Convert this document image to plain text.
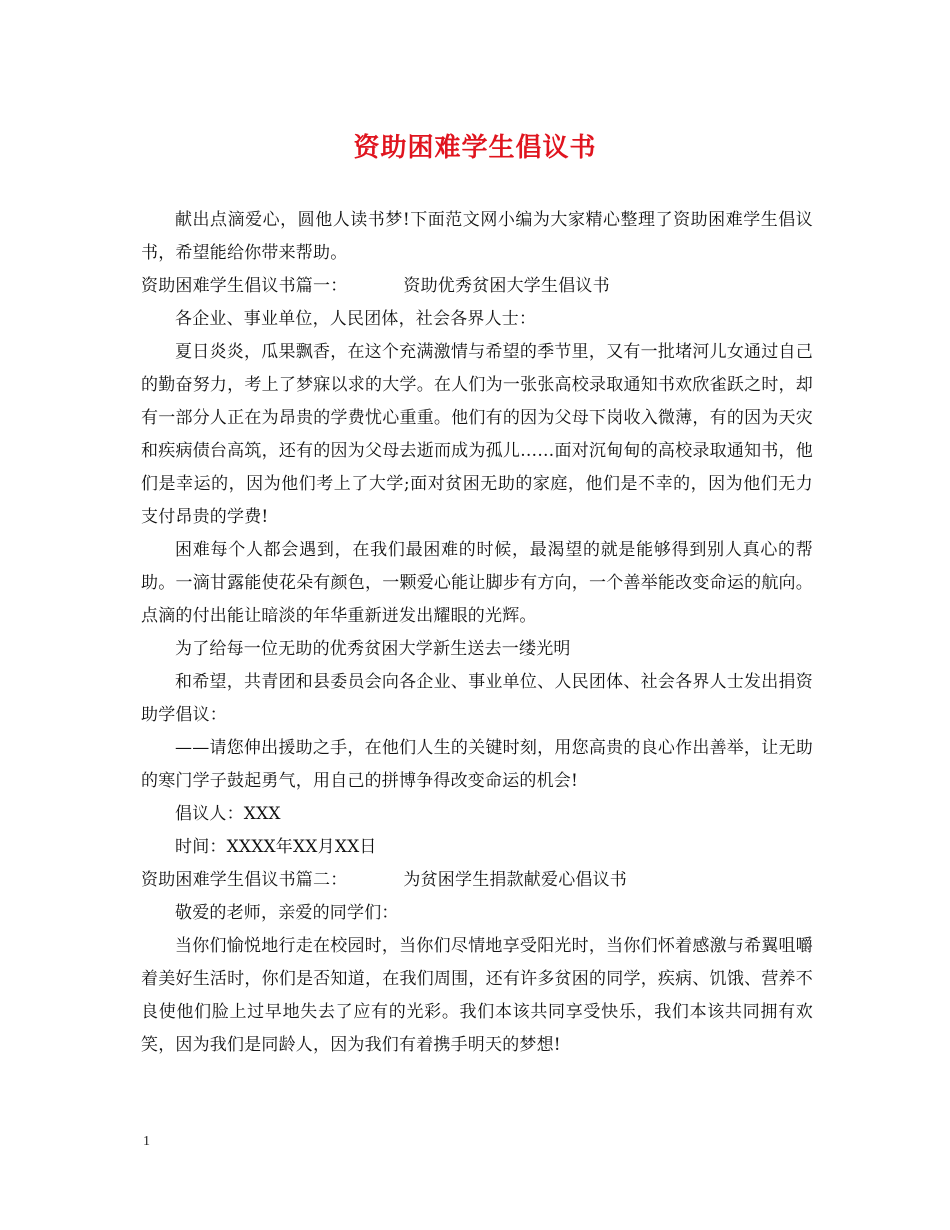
资助困难学生倡议书

献出点滴爱心，圆他人读书梦!下面范文网小编为大家精心整理了资助困难学生倡议书，希望能给你带来帮助。

资助困难学生倡议书篇一：	资助优秀贫困大学生倡议书

各企业、事业单位，人民团体，社会各界人士：

夏日炎炎，瓜果飘香，在这个充满激情与希望的季节里，又有一批堵河儿女通过自己的勤奋努力，考上了梦寐以求的大学。在人们为一张张高校录取通知书欢欣雀跃之时，却有一部分人正在为昂贵的学费忧心重重。他们有的因为父母下岗收入微薄，有的因为天灾和疾病债台高筑，还有的因为父母去逝而成为孤儿……面对沉甸甸的高校录取通知书，他们是幸运的，因为他们考上了大学;面对贫困无助的家庭，他们是不幸的，因为他们无力支付昂贵的学费!

困难每个人都会遇到，在我们最困难的时候，最渴望的就是能够得到别人真心的帮助。一滴甘露能使花朵有颜色，一颗爱心能让脚步有方向，一个善举能改变命运的航向。点滴的付出能让暗淡的年华重新迸发出耀眼的光辉。

为了给每一位无助的优秀贫困大学新生送去一缕光明

和希望，共青团和县委员会向各企业、事业单位、人民团体、社会各界人士发出捐资助学倡议：

——请您伸出援助之手，在他们人生的关键时刻，用您高贵的良心作出善举，让无助的寒门学子鼓起勇气，用自己的拼博争得改变命运的机会!

倡议人：XXX

时间：XXXX年XX月XX日

资助困难学生倡议书篇二：	为贫困学生捐款献爱心倡议书

敬爱的老师，亲爱的同学们：

当你们愉悦地行走在校园时，当你们尽情地享受阳光时，当你们怀着感激与希翼咀嚼着美好生活时，你们是否知道，在我们周围，还有许多贫困的同学，疾病、饥饿、营养不良使他们脸上过早地失去了应有的光彩。我们本该共同享受快乐，我们本该共同拥有欢笑，因为我们是同龄人，因为我们有着携手明天的梦想!

1
